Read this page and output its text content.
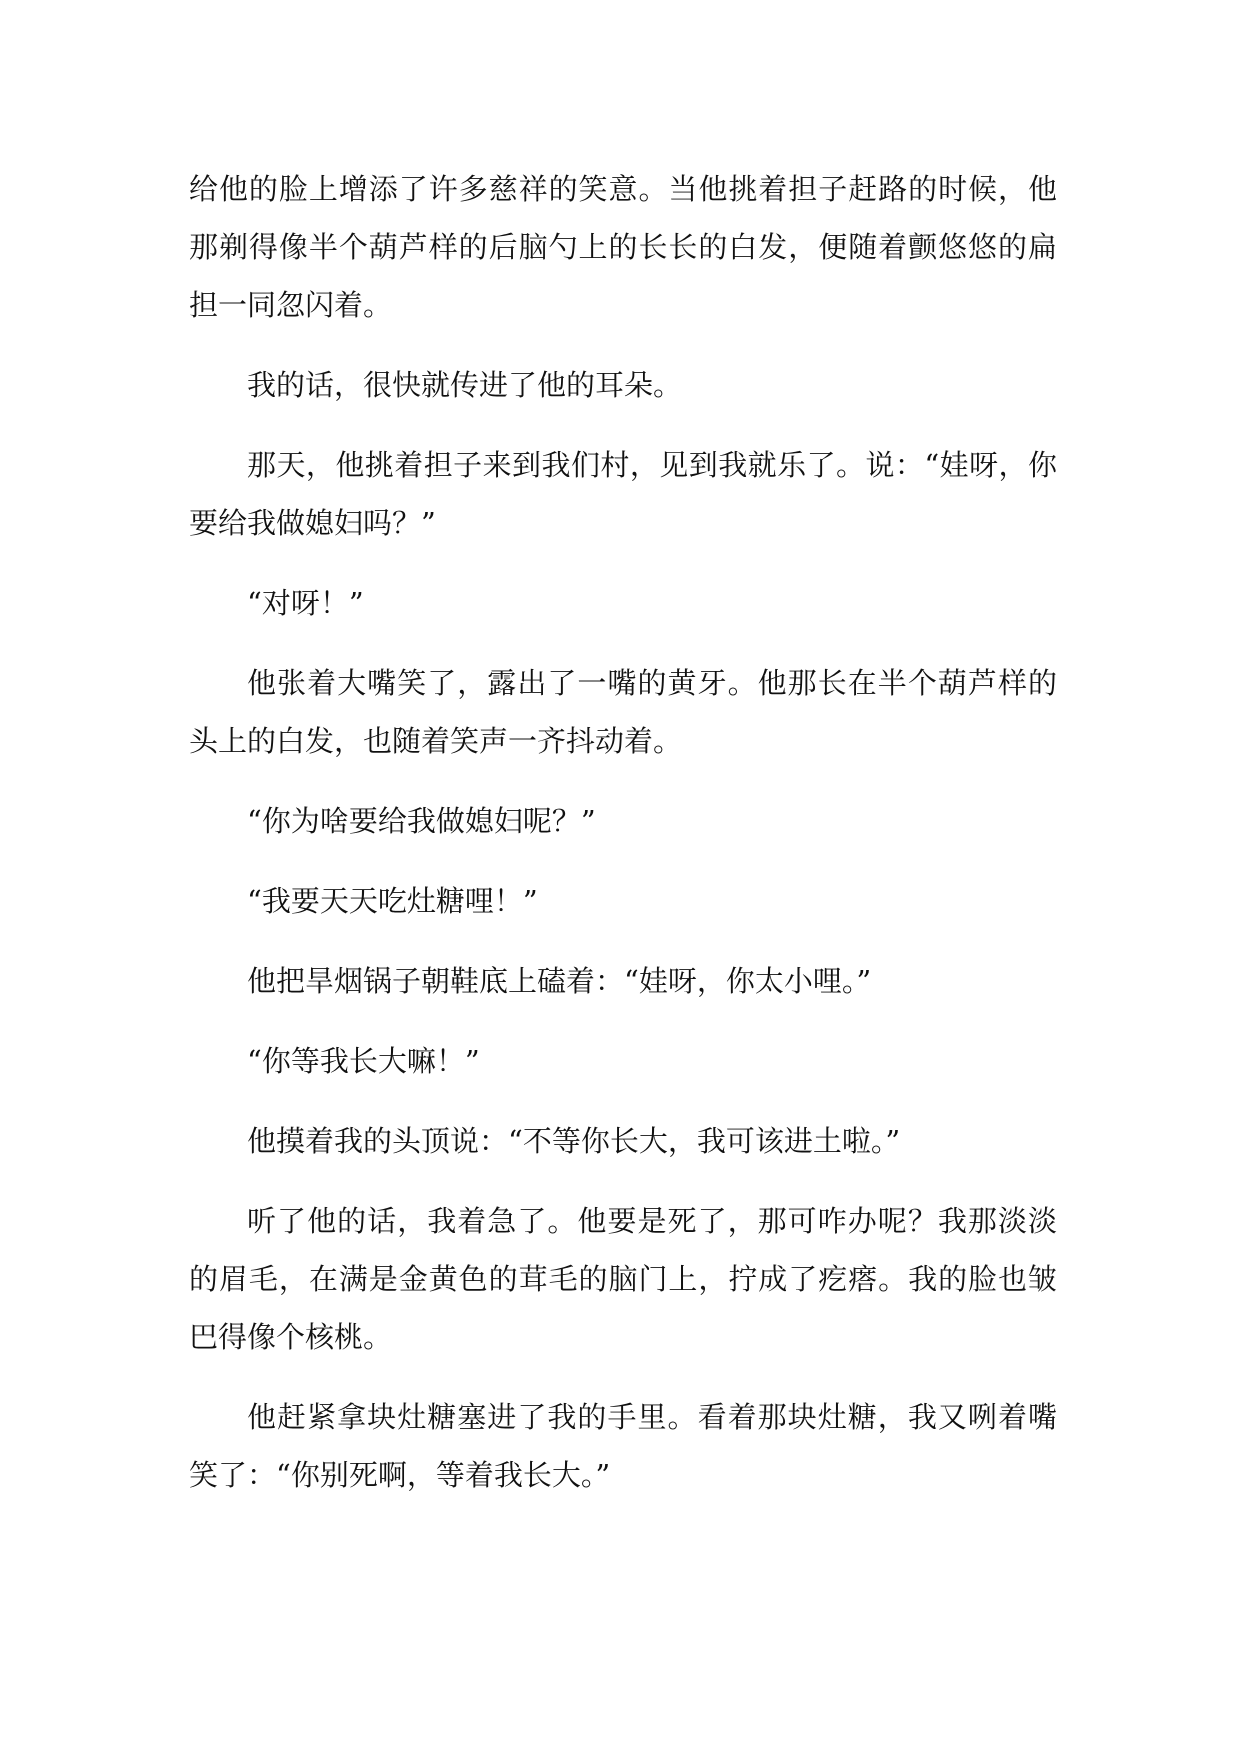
给他的脸上增添了许多慈祥的笑意。当他挑着担子赶路的时候，他那剃得像半个葫芦样的后脑勺上的长长的白发，便随着颤悠悠的扁担一同忽闪着。

我的话，很快就传进了他的耳朵。

那天，他挑着担子来到我们村，见到我就乐了。说：“娃呀，你要给我做媳妇吗？”

“对呀！”

他张着大嘴笑了，露出了一嘴的黄牙。他那长在半个葫芦样的头上的白发，也随着笑声一齐抖动着。

“你为啥要给我做媳妇呢？”

“我要天天吃灶糖哩！”

他把旱烟锅子朝鞋底上磕着：“娃呀，你太小哩。”

“你等我长大嘛！”

他摸着我的头顶说：“不等你长大，我可该进土啦。”

听了他的话，我着急了。他要是死了，那可咋办呢？我那淡淡的眉毛，在满是金黄色的茸毛的脑门上，拧成了疙瘩。我的脸也皱巴得像个核桃。

他赶紧拿块灶糖塞进了我的手里。看着那块灶糖，我又咧着嘴笑了：“你别死啊，等着我长大。”
